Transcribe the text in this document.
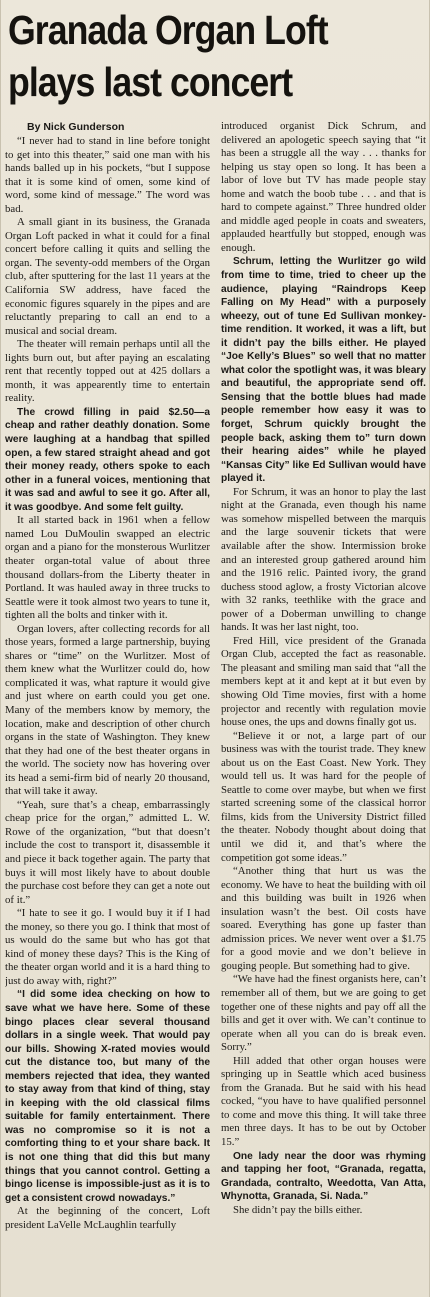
Granada Organ Loft
plays last concert
By Nick Gunderson

“I never had to stand in line before tonight to get into this theater,” said one man with his hands balled up in his pockets, “but I suppose that it is some kind of omen, some kind of word, some kind of message.” The word was bad.

A small giant in its business, the Granada Organ Loft packed in what it could for a final concert before calling it quits and selling the organ. The seventy-odd members of the Organ club, after sputtering for the last 11 years at the California SW address, have faced the economic figures squarely in the pipes and are reluctantly preparing to call an end to a musical and social dream.

The theater will remain perhaps until all the lights burn out, but after paying an escalating rent that recently topped out at 425 dollars a month, it was appearently time to entertain reality.

The crowd filling in paid $2.50—a cheap and rather deathly donation. Some were laughing at a handbag that spilled open, a few stared straight ahead and got their money ready, others spoke to each other in a funeral voices, mentioning that it was sad and awful to see it go. After all, it was goodbye. And some felt guilty.

It all started back in 1961 when a fellow named Lou DuMoulin swapped an electric organ and a piano for the monsterous Wurlitzer theater organ-total value of about three thousand dollars-from the Liberty theater in Portland. It was hauled away in three trucks to Seattle were it took almost two years to tune it, tighten all the bolts and tinker with it.

Organ lovers, after collecting records for all those years, formed a large partnership, buying shares or “time” on the Wurlitzer. Most of them knew what the Wurlitzer could do, how complicated it was, what rapture it would give and just where on earth could you get one. Many of the members know by memory, the location, make and description of other church organs in the state of Washington. They knew that they had one of the best theater organs in the world. The society now has hovering over its head a semi-firm bid of nearly 20 thousand, that will take it away.

“Yeah, sure that’s a cheap, embarrassingly cheap price for the organ,” admitted L. W. Rowe of the organization, “but that doesn’t include the cost to transport it, disassemble it and piece it back together again. The party that buys it will most likely have to about double the purchase cost before they can get a note out of it.”

“I hate to see it go. I would buy it if I had the money, so there you go. I think that most of us would do the same but who has got that kind of money these days? This is the King of the theater organ world and it is a hard thing to just do away with, right?”

“I did some idea checking on how to save what we have here. Some of these bingo places clear several thousand dollars in a single week. That would pay our bills. Showing X-rated movies would cut the distance too, but many of the members rejected that idea, they wanted to stay away from that kind of thing, stay in keeping with the old classical films suitable for family entertainment. There was no compromise so it is not a comforting thing to et your share back. It is not one thing that did this but many things that you cannot control. Getting a bingo license is impossible-just as it is to get a consistent crowd nowadays.”

At the beginning of the concert, Loft president LaVelle McLaughlin tearfully

introduced organist Dick Schrum, and delivered an apologetic speech saying that “it has been a struggle all the way . . . thanks for helping us stay open so long. It has been a labor of love but TV has made people stay home and watch the boob tube . . . and that is hard to compete against.” Three hundred older and middle aged people in coats and sweaters, applauded heartfully but stopped, enough was enough.

Schrum, letting the Wurlitzer go wild from time to time, tried to cheer up the audience, playing “Raindrops Keep Falling on My Head” with a purposely wheezy, out of tune Ed Sullivan monkey-time rendition. It worked, it was a lift, but it didn’t pay the bills either. He played “Joe Kelly’s Blues” so well that no matter what color the spotlight was, it was bleary and beautiful, the appropriate send off. Sensing that the bottle blues had made people remember how easy it was to forget, Schrum quickly brought the people back, asking them to” turn down their hearing aides” while he played “Kansas City” like Ed Sullivan would have played it.

For Schrum, it was an honor to play the last night at the Granada, even though his name was somehow mispelled between the marquis and the large souvenir tickets that were available after the show. Intermission broke and an interested group gathered around him and the 1916 relic. Painted ivory, the grand duchess stood aglow, a frosty Victorian alcove with 32 ranks, teethlike with the grace and power of a Doberman unwilling to change hands. It was her last night, too.

Fred Hill, vice president of the Granada Organ Club, accepted the fact as reasonable. The pleasant and smiling man said that “all the members kept at it and kept at it but even by showing Old Time movies, first with a home projector and recently with regulation movie house ones, the ups and downs finally got us.

“Believe it or not, a large part of our business was with the tourist trade. They knew about us on the East Coast. New York. They would tell us. It was hard for the people of Seattle to come over maybe, but when we first started screening some of the classical horror films, kids from the University District filled the theater. Nobody thought about doing that until we did it, and that’s where the competition got some ideas.”

“Another thing that hurt us was the economy. We have to heat the building with oil and this building was built in 1926 when insulation wasn’t the best. Oil costs have soared. Everything has gone up faster than admission prices. We never went over a $1.75 for a good movie and we don’t believe in gouging people. But something had to give.

“We have had the finest organists here, can’t remember all of them, but we are going to get together one of these nights and pay off all the bills and get it over with. We can’t continue to operate when all you can do is break even. Sorry.”

Hill added that other organ houses were springing up in Seattle which aced business from the Granada. But he said with his head cocked, “you have to have qualified personnel to come and move this thing. It will take three men three days. It has to be out by October 15.”

One lady near the door was rhyming and tapping her foot, “Granada, regatta, Grandada, contralto, Weedotta, Van Atta, Whynotta, Granada, Si. Nada.”

She didn’t pay the bills either.
